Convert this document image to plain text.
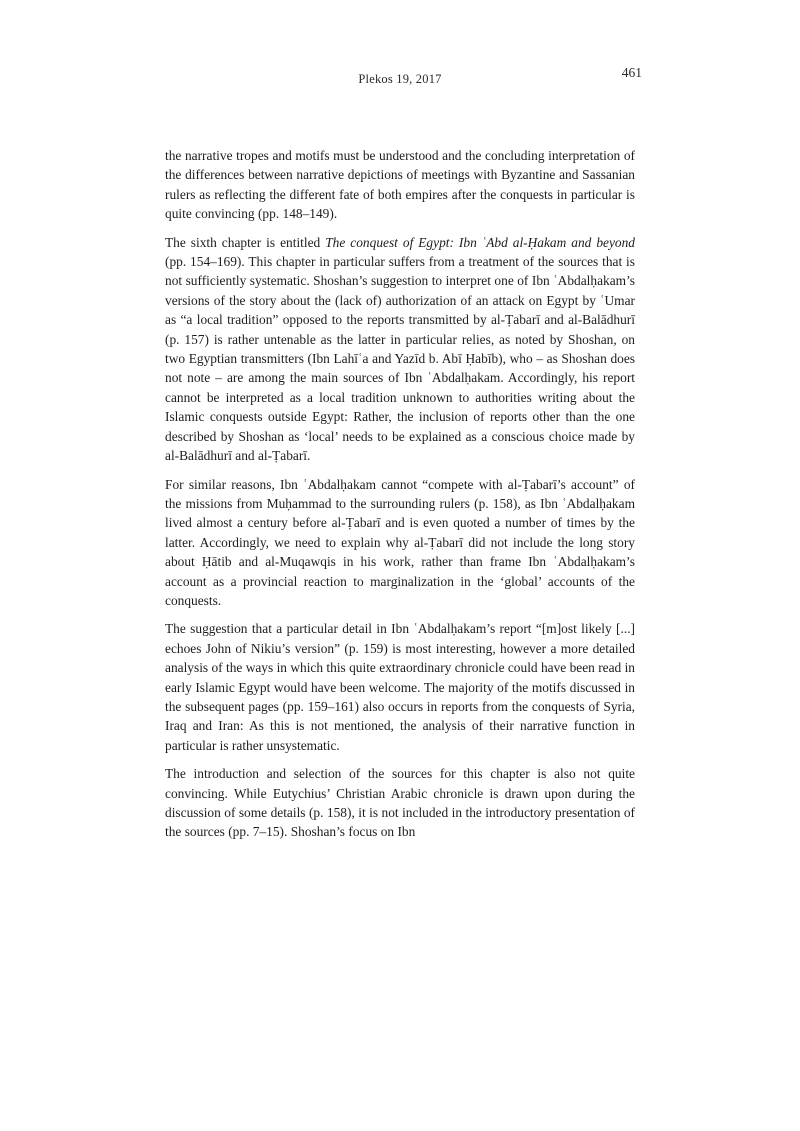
Plekos 19, 2017	461

the narrative tropes and motifs must be understood and the concluding interpretation of the differences between narrative depictions of meetings with Byzantine and Sassanian rulers as reflecting the different fate of both empires after the conquests in particular is quite convincing (pp. 148–149).

The sixth chapter is entitled The conquest of Egypt: Ibn ʿAbd al-Ḥakam and beyond (pp. 154–169). This chapter in particular suffers from a treatment of the sources that is not sufficiently systematic. Shoshan’s suggestion to interpret one of Ibn ʿAbdalḥakam’s versions of the story about the (lack of) authorization of an attack on Egypt by ʿUmar as “a local tradition” opposed to the reports transmitted by al-Ṭabarī and al-Balādhurī (p. 157) is rather untenable as the latter in particular relies, as noted by Shoshan, on two Egyptian transmitters (Ibn Lahīʿa and Yazīd b. Abī Ḥabīb), who – as Shoshan does not note – are among the main sources of Ibn ʿAbdalḥakam. Accordingly, his report cannot be interpreted as a local tradition unknown to authorities writing about the Islamic conquests outside Egypt: Rather, the inclusion of reports other than the one described by Shoshan as ‘local’ needs to be explained as a conscious choice made by al-Balādhurī and al-Ṭabarī.

For similar reasons, Ibn ʿAbdalḥakam cannot “compete with al-Ṭabarī’s account” of the missions from Muḥammad to the surrounding rulers (p. 158), as Ibn ʿAbdalḥakam lived almost a century before al-Ṭabarī and is even quoted a number of times by the latter. Accordingly, we need to explain why al-Ṭabarī did not include the long story about Ḥātib and al-Muqawqis in his work, rather than frame Ibn ʿAbdalḥakam’s account as a provincial reaction to marginalization in the ‘global’ accounts of the conquests.

The suggestion that a particular detail in Ibn ʿAbdalḥakam’s report “[m]ost likely [...] echoes John of Nikiu’s version” (p. 159) is most interesting, however a more detailed analysis of the ways in which this quite extraordinary chronicle could have been read in early Islamic Egypt would have been welcome. The majority of the motifs discussed in the subsequent pages (pp. 159–161) also occurs in reports from the conquests of Syria, Iraq and Iran: As this is not mentioned, the analysis of their narrative function in particular is rather unsystematic.

The introduction and selection of the sources for this chapter is also not quite convincing. While Eutychius’ Christian Arabic chronicle is drawn upon during the discussion of some details (p. 158), it is not included in the introductory presentation of the sources (pp. 7–15). Shoshan’s focus on Ibn
